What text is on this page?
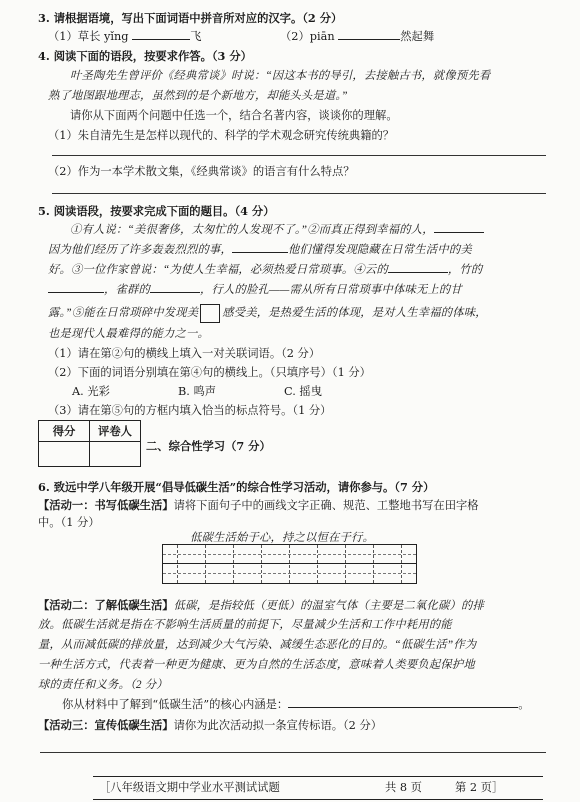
3. 请根据语境，写出下面词语中拼音所对应的汉字。（2 分）
（1）草长 yǐng	飞	（2）piān	然起舞
4. 阅读下面的语段，按要求作答。（3 分）
叶圣陶先生曾评价《经典常谈》时说：“因这本书的导引，去接触古书，就像预先看
熟了地图跟地理志，虽然到的是个新地方，却能头头是道。”
请你从下面两个问题中任选一个，结合名著内容，谈谈你的理解。
（1）朱自清先生是怎样以现代的、科学的学术观念研究传统典籍的？
（2）作为一本学术散文集，《经典常谈》的语言有什么特点？
5. 阅读语段，按要求完成下面的题目。（4 分）
①有人说：“美很奢侈，太匆忙的人发现不了。”②而真正得到幸福的人，
因为他们经历了许多轰轰烈烈的事，	他们懂得发现隐藏在日常生活中的美
好。③一位作家曾说：“为使人生幸福，必须热爱日常琐事。④云的	，竹的
，雀群的	，行人的脸孔——需从所有日常琐事中体味无上的甘
露。”⑤能在日常琐碎中发现美 感受美，是热爱生活的体现，是对人生幸福的体味，
也是现代人最难得的能力之一。
（1）请在第②句的横线上填入一对关联词语。（2 分）
（2）下面的词语分别填在第④句的横线上。（只填序号）（1 分）
A. 光彩	B. 鸣声	C. 摇曳
（3）请在第⑤句的方框内填入恰当的标点符号。（1 分）
得分	评卷人

二、综合性学习（7 分）
6. 致远中学八年级开展“倡导低碳生活”的综合性学习活动，请你参与。（7 分）
【活动一：书写低碳生活】请将下面句子中的画线文字正确、规范、工整地书写在田字格
中。（1 分）
低碳生活始于心，持之以恒在于行。
【活动二：了解低碳生活】低碳，是指较低（更低）的温室气体（主要是二氧化碳）的排
放。低碳生活就是指在不影响生活质量的前提下，尽量减少生活和工作中耗用的能
量，从而减低碳的排放量，达到减少大气污染、减缓生态恶化的目的。“低碳生活”作为
一种生活方式，代表着一种更为健康、更为自然的生活态度，意味着人类要负起保护地
球的责任和义务。（2 分）
你从材料中了解到“低碳生活”的核心内涵是：	。
【活动三：宣传低碳生活】请你为此次活动拟一条宣传标语。（2 分）
［八年级语文期中学业水平测试试题	共 8 页	第 2 页］
